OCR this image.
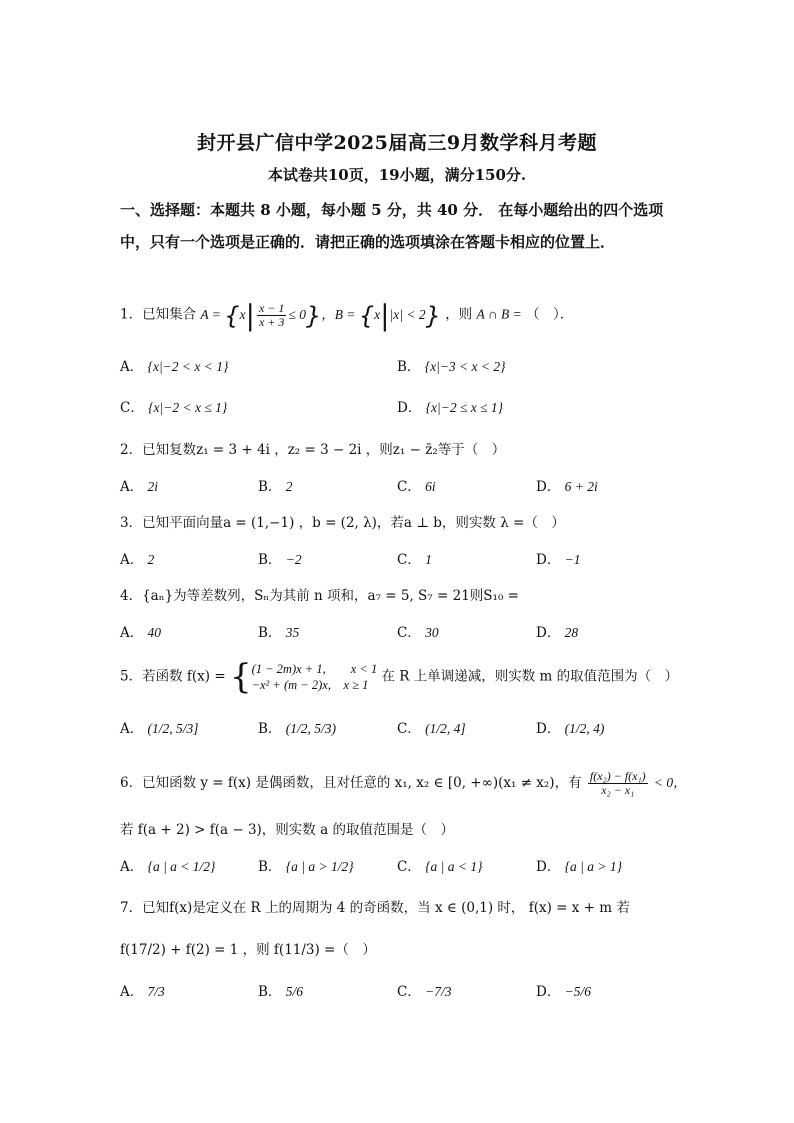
封开县广信中学2025届高三9月数学科月考题
本试卷共10页，19小题，满分150分.
一、选择题：本题共 8 小题，每小题 5 分，共 40 分． 在每小题给出的四个选项中，只有一个选项是正确的．请把正确的选项填涂在答题卡相应的位置上．
1．已知集合 $A = \{x| \frac{x - 1}{x + 3} \le 0\}$，B = {x||x| < 2} ，则 A ∩ B = （　）．
A． {x|−2 < x < 1}	B． {x|−3 < x < 2}
C． {x|−2 < x ≤ 1}	D． {x|−2 ≤ x ≤ 1}
2．已知复数z₁ = 3 + 4i ，z₂ = 3 − 2i ，则z₁ − z̄₂等于（　）
A． 2i	B． 2	C． 6i	D． 6 + 2i
3．已知平面向量a = (1,−1) ，b = (2, λ)，若a ⊥ b，则实数 λ =（　）
A． 2	B． −2	C． 1	D． −1
4．{aₙ}为等差数列，Sₙ为其前 n 项和，a₇ = 5, S₇ = 21则S₁₀ =
A． 40	B． 35	C． 30	D． 28
5．若函数 f(x) = { (1 − 2m)x + 1,　　x < 1
−x² + (m − 2)x,　x ≥ 1
在 R 上单调递减，则实数 m 的取值范围为（　）
A． (1/2, 5/3]	B． (1/2, 5/3)	C． (1/2, 4]	D． (1/2, 4)
6．已知函数 y = f(x) 是偶函数，且对任意的 x₁, x₂ ∈ [0, +∞)(x₁ ≠ x₂)，有 $\frac{\text{f(x₂) − f(x₁)}}{\text{x₂ − x₁}} < 0$，
若 f(a + 2) > f(a − 3)，则实数 a 的取值范围是（　）
A． {a | a < 1/2}	B． {a | a > 1/2}	C． {a | a < 1}	D． {a | a > 1}
7．已知f(x)是定义在 R 上的周期为 4 的奇函数，当 x ∈ (0,1) 时， f(x) = x + m 若
f(17/2) + f(2) = 1 ，则 f(11/3) =（　）
A． 7/3	B． 5/6	C． −7/3	D． −5/6
